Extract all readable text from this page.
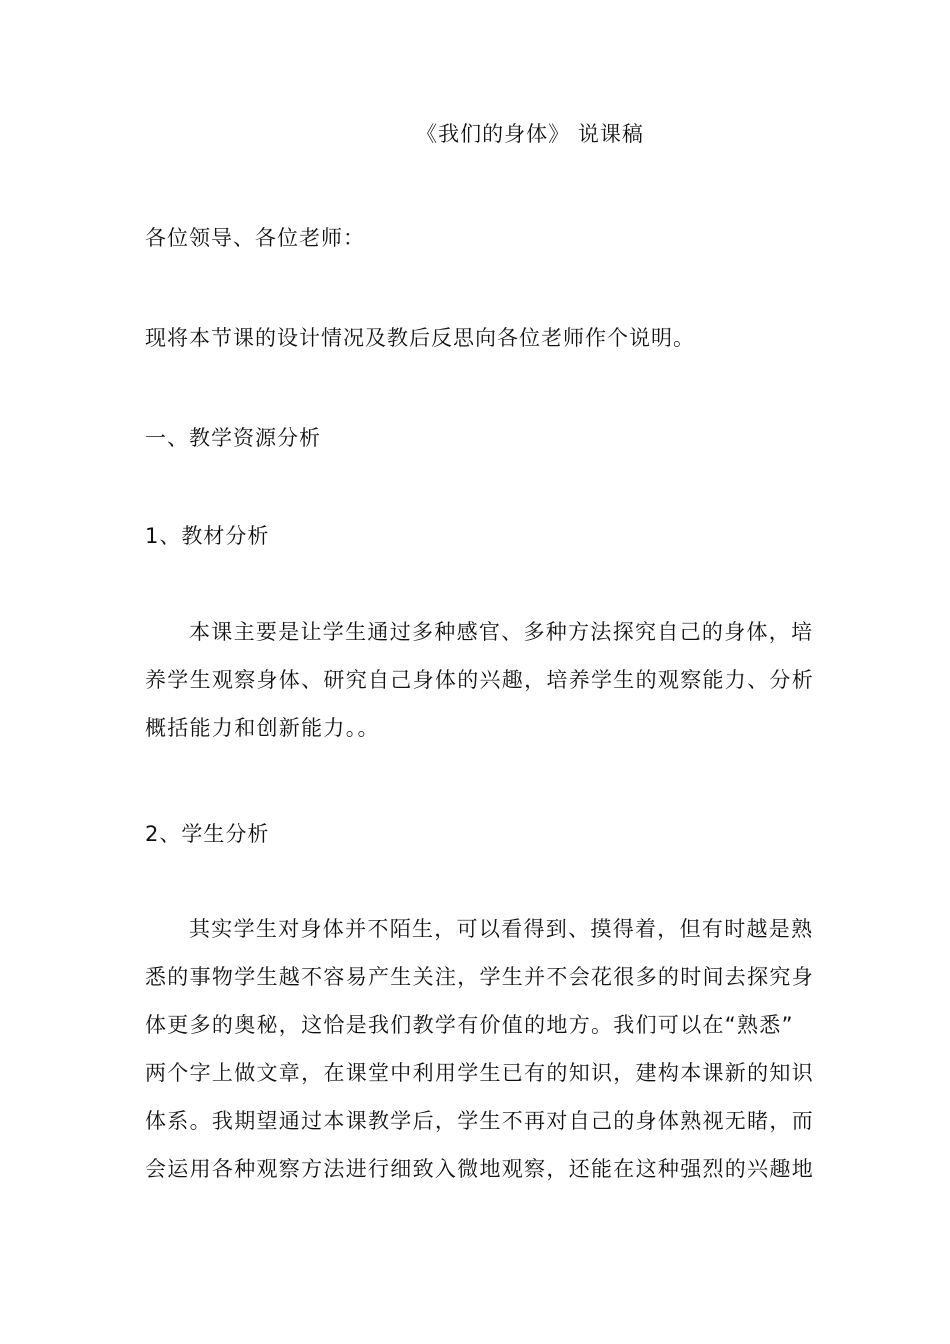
《我们的身体》 说课稿
各位领导、各位老师：
现将本节课的设计情况及教后反思向各位老师作个说明。
一、教学资源分析
1、教材分析
本课主要是让学生通过多种感官、多种方法探究自己的身体，培
养学生观察身体、研究自己身体的兴趣，培养学生的观察能力、分析
概括能力和创新能力。。
2、学生分析
其实学生对身体并不陌生，可以看得到、摸得着，但有时越是熟
悉的事物学生越不容易产生关注，学生并不会花很多的时间去探究身
体更多的奥秘，这恰是我们教学有价值的地方。我们可以在“熟悉”
两个字上做文章，在课堂中利用学生已有的知识，建构本课新的知识
体系。我期望通过本课教学后，学生不再对自己的身体熟视无睹，而
会运用各种观察方法进行细致入微地观察，还能在这种强烈的兴趣地
